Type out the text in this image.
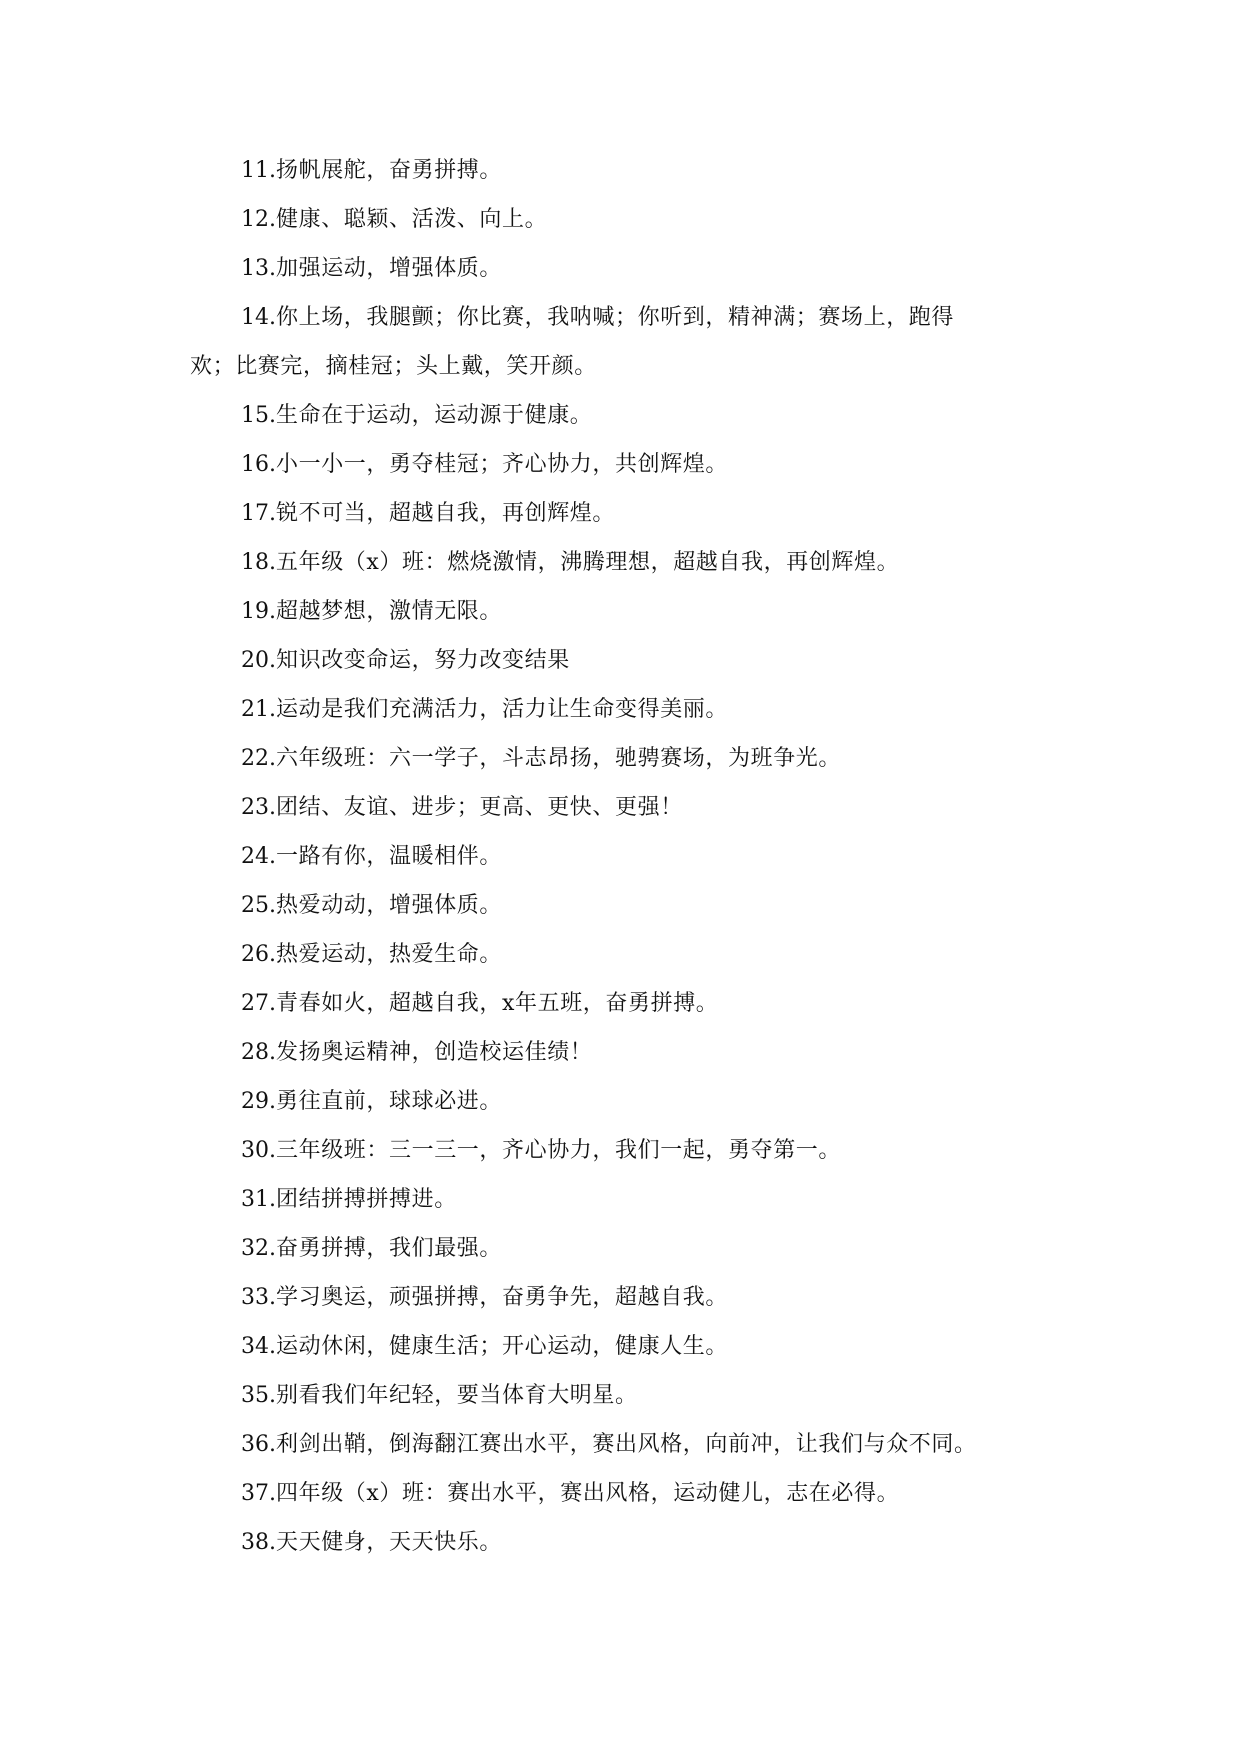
11.扬帆展舵，奋勇拼搏。

12.健康、聪颖、活泼、向上。

13.加强运动，增强体质。

14.你上场，我腿颤；你比赛，我呐喊；你听到，精神满；赛场上，跑得
欢；比赛完，摘桂冠；头上戴，笑开颜。

15.生命在于运动，运动源于健康。

16.小一小一，勇夺桂冠；齐心协力，共创辉煌。

17.锐不可当，超越自我，再创辉煌。

18.五年级（x）班：燃烧激情，沸腾理想，超越自我，再创辉煌。

19.超越梦想，激情无限。

20.知识改变命运，努力改变结果

21.运动是我们充满活力，活力让生命变得美丽。

22.六年级班：六一学子，斗志昂扬，驰骋赛场，为班争光。

23.团结、友谊、进步；更高、更快、更强！

24.一路有你，温暖相伴。

25.热爱动动，增强体质。

26.热爱运动，热爱生命。

27.青春如火，超越自我，x年五班，奋勇拼搏。

28.发扬奥运精神，创造校运佳绩！

29.勇往直前，球球必进。

30.三年级班：三一三一，齐心协力，我们一起，勇夺第一。

31.团结拼搏拼搏进。

32.奋勇拼搏，我们最强。

33.学习奥运，顽强拼搏，奋勇争先，超越自我。

34.运动休闲，健康生活；开心运动，健康人生。

35.别看我们年纪轻，要当体育大明星。

36.利剑出鞘，倒海翻江赛出水平，赛出风格，向前冲，让我们与众不同。

37.四年级（x）班：赛出水平，赛出风格，运动健儿，志在必得。

38.天天健身，天天快乐。
